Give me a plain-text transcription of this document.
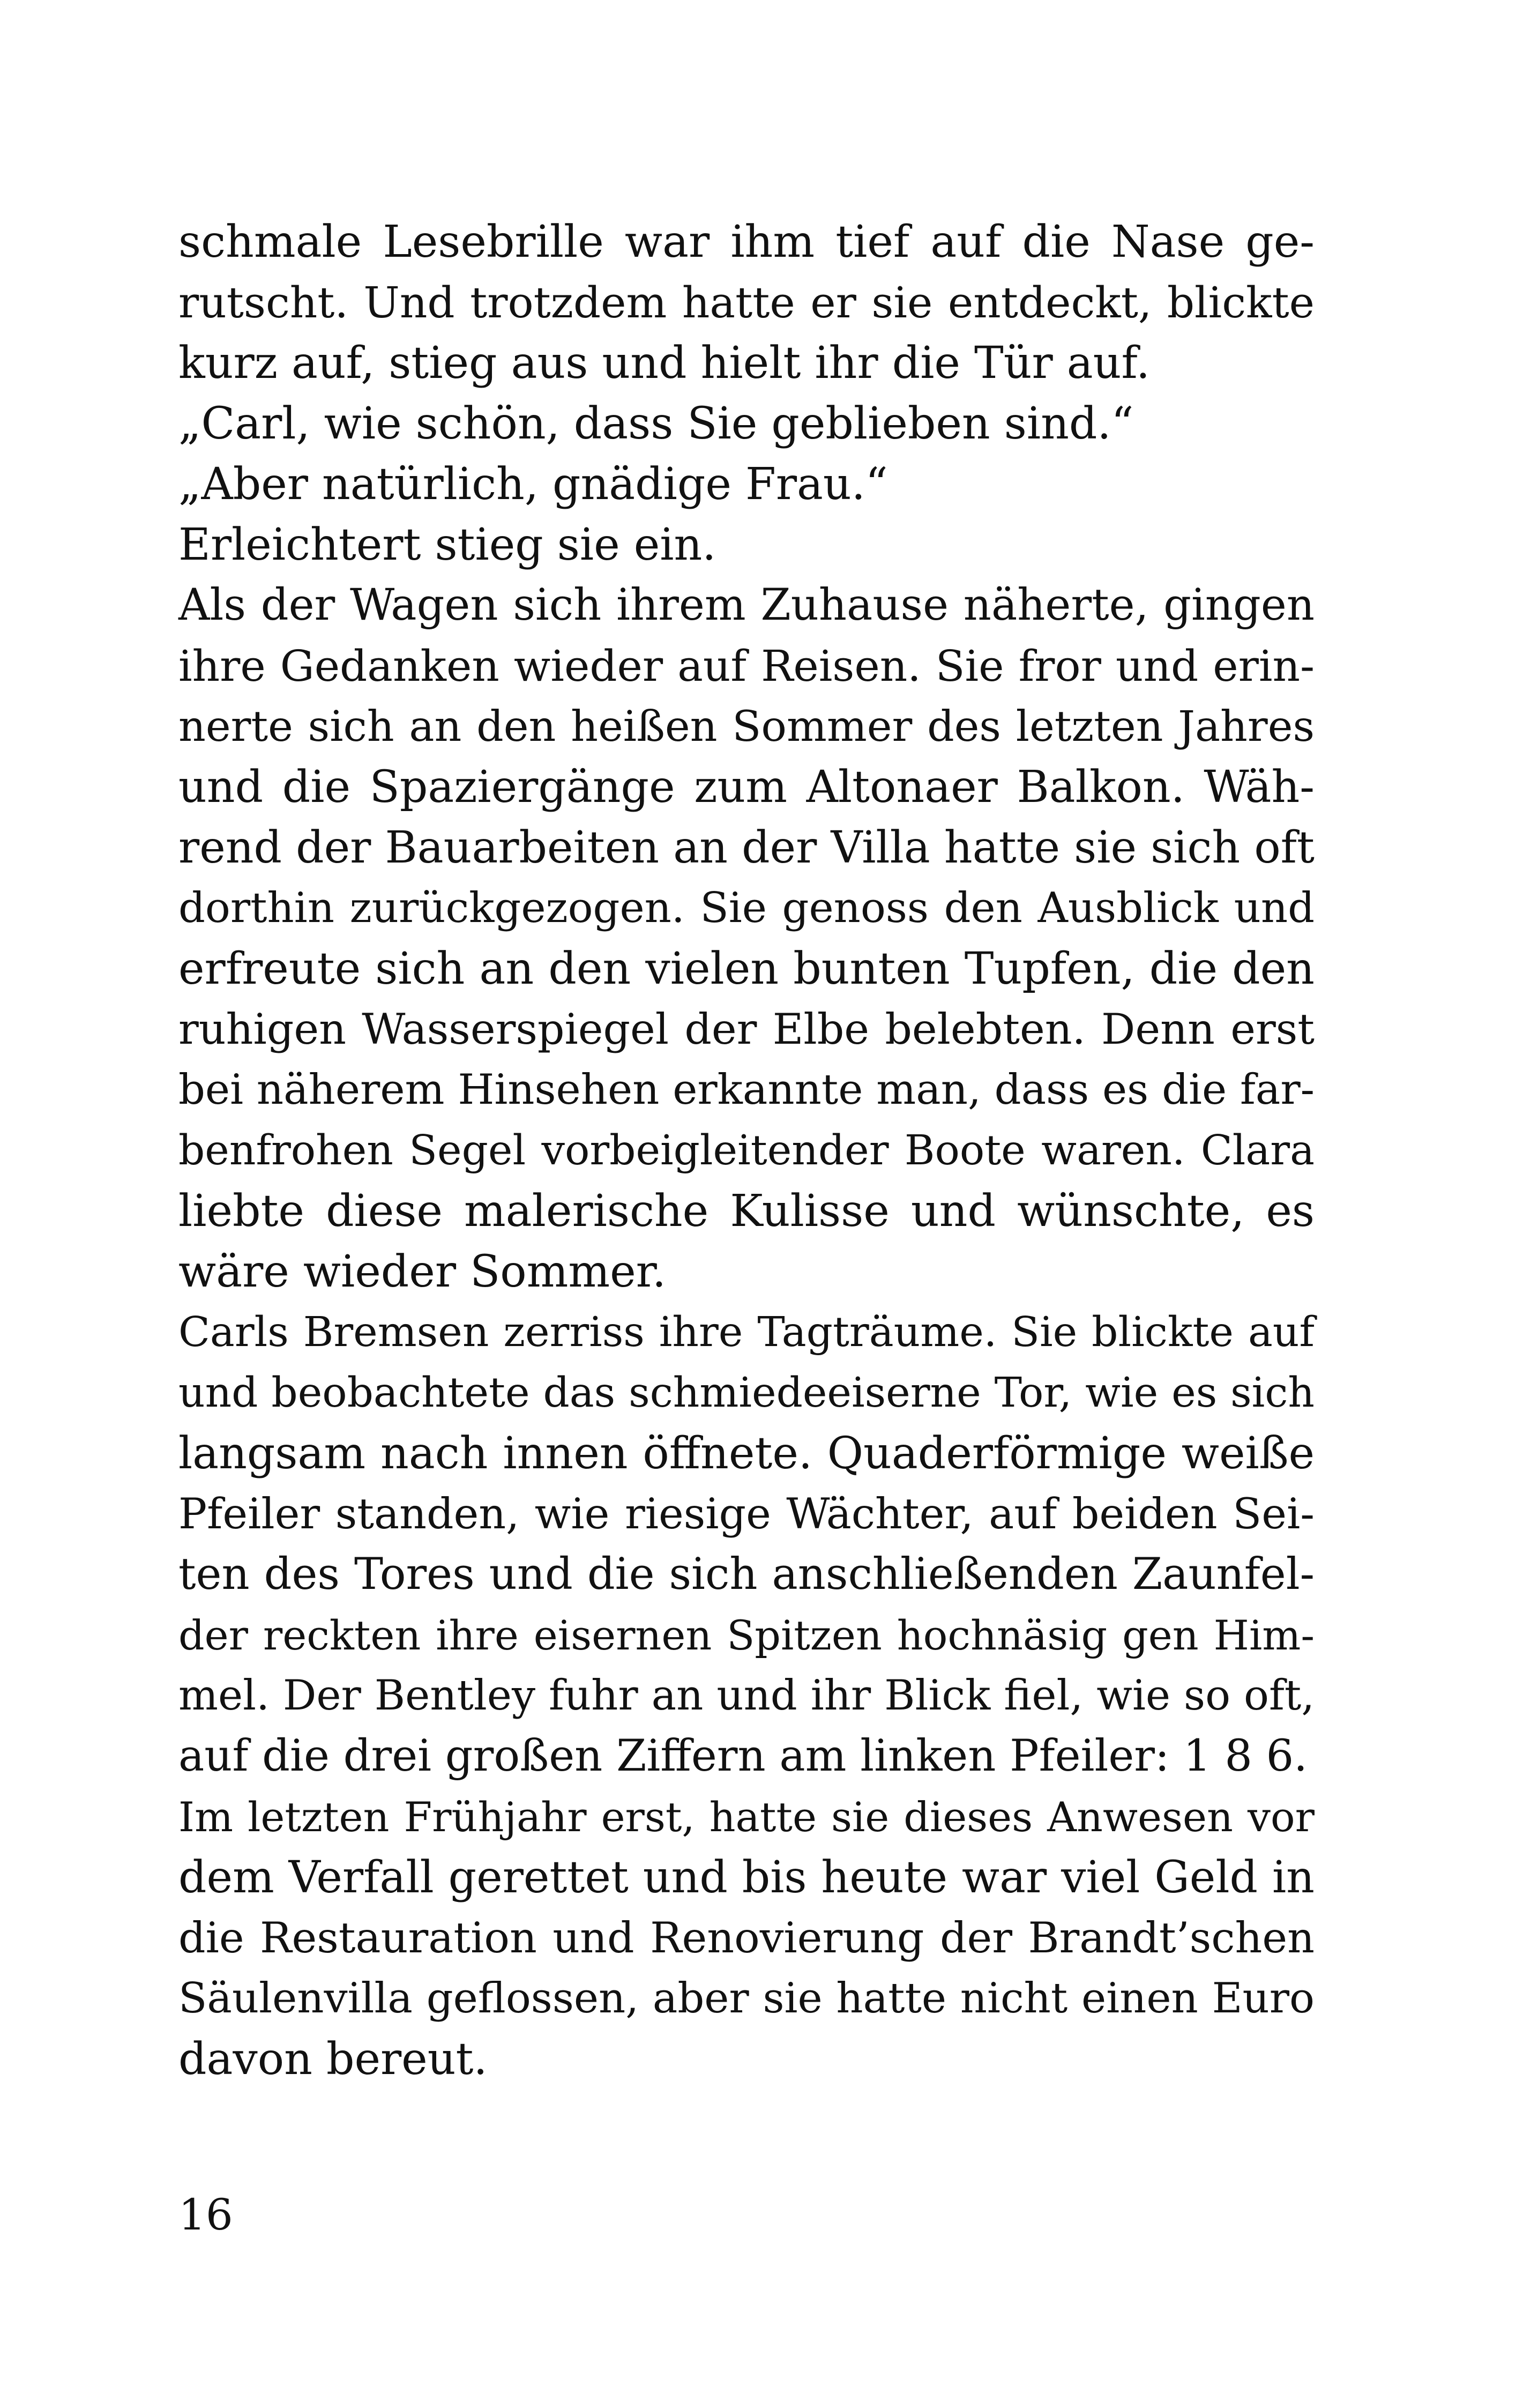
schmale Lesebrille war ihm tief auf die Nase ge-
rutscht. Und trotzdem hatte er sie entdeckt, blickte
kurz auf, stieg aus und hielt ihr die Tür auf.
„Carl, wie schön, dass Sie geblieben sind.“
„Aber natürlich, gnädige Frau.“
Erleichtert stieg sie ein.
Als der Wagen sich ihrem Zuhause näherte, gingen
ihre Gedanken wieder auf Reisen. Sie fror und erin-
nerte sich an den heißen Sommer des letzten Jahres
und die Spaziergänge zum Altonaer Balkon. Wäh-
rend der Bauarbeiten an der Villa hatte sie sich oft
dorthin zurückgezogen. Sie genoss den Ausblick und
erfreute sich an den vielen bunten Tupfen, die den
ruhigen Wasserspiegel der Elbe belebten. Denn erst
bei näherem Hinsehen erkannte man, dass es die far-
benfrohen Segel vorbeigleitender Boote waren. Clara
liebte diese malerische Kulisse und wünschte, es
wäre wieder Sommer.
Carls Bremsen zerriss ihre Tagträume. Sie blickte auf
und beobachtete das schmiedeeiserne Tor, wie es sich
langsam nach innen öffnete. Quaderförmige weiße
Pfeiler standen, wie riesige Wächter, auf beiden Sei-
ten des Tores und die sich anschließenden Zaunfel-
der reckten ihre eisernen Spitzen hochnäsig gen Him-
mel. Der Bentley fuhr an und ihr Blick fiel, wie so oft,
auf die drei großen Ziffern am linken Pfeiler: 1 8 6.
Im letzten Frühjahr erst, hatte sie dieses Anwesen vor
dem Verfall gerettet und bis heute war viel Geld in
die Restauration und Renovierung der Brandt’schen
Säulenvilla geflossen, aber sie hatte nicht einen Euro
davon bereut.
16
